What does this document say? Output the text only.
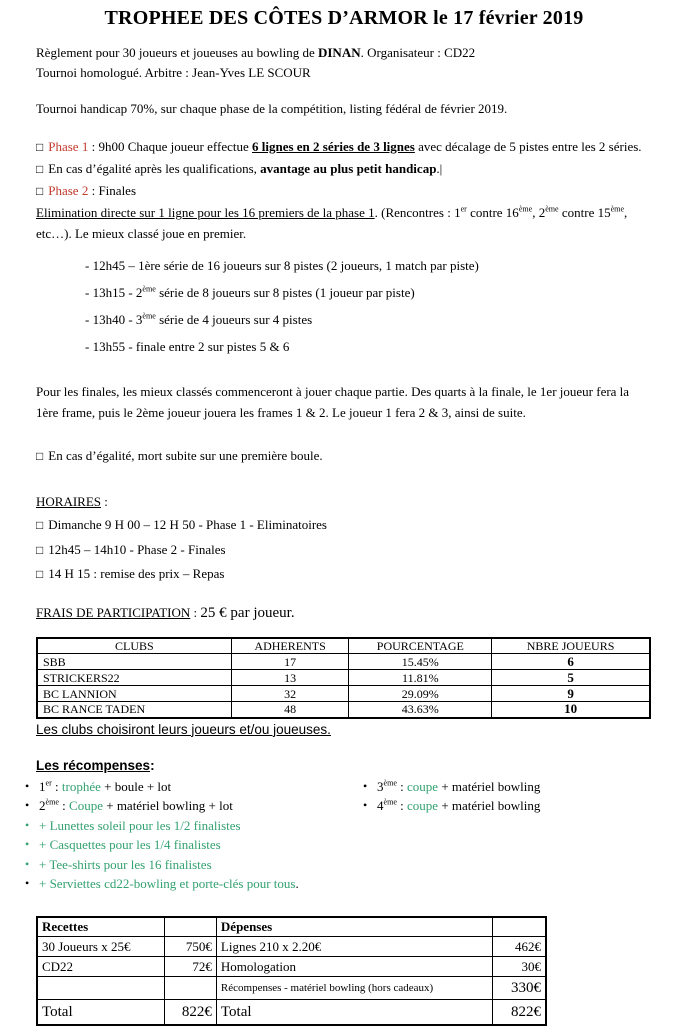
TROPHEE DES CÔTES D’ARMOR le 17 février 2019
Règlement pour 30 joueurs et joueuses au bowling de DINAN. Organisateur : CD22
Tournoi homologué. Arbitre : Jean-Yves LE SCOUR
Tournoi handicap 70%, sur chaque phase de la compétition, listing fédéral de février 2019.
□ Phase 1 : 9h00 Chaque joueur effectue 6 lignes en 2 séries de 3 lignes avec décalage de 5 pistes entre les 2 séries.
□ En cas d’égalité après les qualifications, avantage au plus petit handicap.|
□ Phase 2 : Finales
Elimination directe sur 1 ligne pour les 16 premiers de la phase 1. (Rencontres : 1er contre 16ème, 2ème contre 15ème, etc…). Le mieux classé joue en premier.
- 12h45 – 1ère série de 16 joueurs sur 8 pistes (2 joueurs, 1 match par piste)
- 13h15 - 2ème série de 8 joueurs sur 8 pistes (1 joueur par piste)
- 13h40 - 3ème série de 4 joueurs sur 4 pistes
- 13h55 - finale entre 2 sur pistes 5 & 6
Pour les finales, les mieux classés commenceront à jouer chaque partie. Des quarts à la finale, le 1er joueur fera la 1ère frame, puis le 2ème joueur jouera les frames 1 & 2. Le joueur 1 fera 2 & 3, ainsi de suite.
□ En cas d’égalité, mort subite sur une première boule.
HORAIRES :
□ Dimanche 9 H 00 – 12 H 50 - Phase 1 - Eliminatoires
□ 12h45 – 14h10 - Phase 2 - Finales
□ 14 H 15 : remise des prix – Repas
FRAIS DE PARTICIPATION : 25 € par joueur.
CLUBS	ADHERENTS	POURCENTAGE	NBRE JOUEURS
SBB	17	15.45%	6
STRICKERS22	13	11.81%	5
BC LANNION	32	29.09%	9
BC RANCE TADEN	48	43.63%	10
Les clubs choisiront leurs joueurs et/ou joueuses.
Les récompenses:
• 1er : trophée + boule + lot
• 2ème : Coupe + matériel bowling + lot
• + Lunettes soleil pour les 1/2 finalistes
• + Casquettes pour les 1/4 finalistes
• + Tee-shirts pour les 16 finalistes
• + Serviettes cd22-bowling et porte-clés pour tous.
• 3ème : coupe + matériel bowling
• 4ème : coupe + matériel bowling
Recettes		Dépenses	
30 Joueurs x 25€	750€	Lignes 210 x 2.20€	462€
CD22	72€	Homologation	30€
		Récompenses - matériel bowling (hors cadeaux)	330€
Total	822€	Total	822€
